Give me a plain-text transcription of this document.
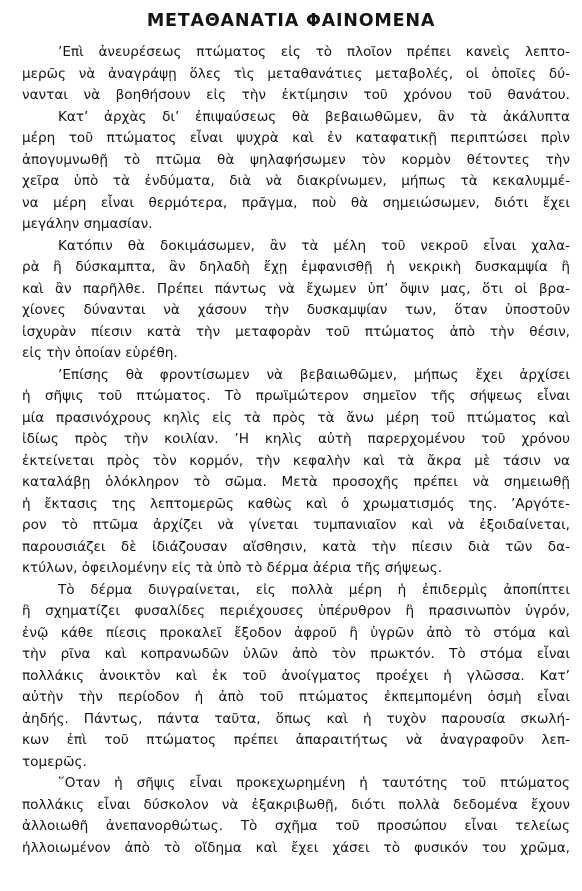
ΜΕΤΑΘΑΝΑΤΙΑ ΦΑΙΝΟΜΕΝΑ
’Επὶ ἀνευρέσεως πτώματος εἰς τὸ πλοῖον πρέπει κανεὶς λεπτο-
μερῶς νὰ ἀναγράψῃ ὅλες τὶς μεταθανάτιες μεταβολές, οἱ ὁποῖες δύ-
νανται νὰ βοηθήσουν εἰς τὴν ἐκτίμησιν τοῦ χρόνου τοῦ θανάτου.
Κατ’ ἀρχὰς δι’ ἐπιψαύσεως θὰ βεβαιωθῶμεν, ἂν τὰ ἀκάλυπτα
μέρη τοῦ πτώματος εἶναι ψυχρὰ καὶ ἐν καταφατικῇ περιπτώσει πρὶν
ἀπογυμνωθῇ τὸ πτῶμα θὰ ψηλαφήσωμεν τὸν κορμὸν θέτοντες τὴν
χεῖρα ὑπὸ τὰ ἐνδύματα, διὰ νὰ διακρίνωμεν, μήπως τὰ κεκαλυμμέ-
να μέρη εἶναι θερμότερα, πρᾶγμα, ποὺ θὰ σημειώσωμεν, διότι ἔχει
μεγάλην σημασίαν.
Κατόπιν θὰ δοκιμάσωμεν, ἂν τὰ μέλη τοῦ νεκροῦ εἶναι χαλα-
ρὰ ἢ δύσκαμπτα, ἂν δηλαδὴ ἔχῃ ἐμφανισθῇ ἡ νεκρικὴ δυσκαμψία ἢ
καὶ ἂν παρῆλθε. Πρέπει πάντως νὰ ἔχωμεν ὑπ’ ὄψιν μας, ὅτι οἱ βρα-
χίονες δύνανται νὰ χάσουν τὴν δυσκαμψίαν των, ὅταν ὑποστοῦν
ἰσχυρὰν πίεσιν κατὰ τὴν μεταφορὰν τοῦ πτώματος ἀπὸ τὴν θέσιν,
εἰς τὴν ὁποίαν εὑρέθη.
’Επίσης θὰ φροντίσωμεν νὰ βεβαιωθῶμεν, μήπως ἔχει ἀρχίσει
ἡ σῆψις τοῦ πτώματος. Τὸ πρωϊμώτερον σημεῖον τῆς σήψεως εἶναι
μία πρασινόχρους κηλὶς εἰς τὰ πρὸς τὰ ἄνω μέρη τοῦ πτώματος καὶ
ἰδίως πρὸς τὴν κοιλίαν. ’Η κηλὶς αὐτὴ παρερχομένου τοῦ χρόνου
ἐκτείνεται πρὸς τὸν κορμόν, τὴν κεφαλὴν καὶ τὰ ἄκρα μὲ τάσιν να
καταλάβῃ ὁλόκληρον τὸ σῶμα. Μετὰ προσοχῆς πρέπει νὰ σημειωθῇ
ἡ ἔκτασις της λεπτομερῶς καθὼς καὶ ὁ χρωματισμός της. ’Αργότε-
ρον τὸ πτῶμα ἀρχίζει νὰ γίνεται τυμπανιαῖον καὶ νὰ ἐξοιδαίνεται,
παρουσιάζει δὲ ἰδιάζουσαν αἴσθησιν, κατὰ τὴν πίεσιν διὰ τῶν δα-
κτύλων, ὀφειλομένην εἰς τὰ ὑπὸ τὸ δέρμα ἀέρια τῆς σήψεως.
Τὸ δέρμα διυγραίνεται, εἰς πολλὰ μέρη ἡ ἐπιδερμὶς ἀποπίπτει
ἢ σχηματίζει φυσαλίδες περιέχουσες ὑπέρυθρον ἢ πρασινωπὸν ὑγρόν,
ἐνῷ κάθε πίεσις προκαλεῖ ἔξοδον ἀφροῦ ἢ ὑγρῶν ἀπὸ τὸ στόμα καὶ
τὴν ρῖνα καὶ κοπρανωδῶν ὑλῶν ἀπὸ τὸν πρωκτόν. Τὸ στόμα εἶναι
πολλάκις ἀνοικτὸν καὶ ἐκ τοῦ ἀνοίγματος προέχει ἡ γλῶσσα. Κατ’
αὐτὴν τὴν περίοδον ἡ ἀπὸ τοῦ πτώματος ἐκπεμπομένη ὀσμὴ εἶναι
ἀηδής. Πάντως, πάντα ταῦτα, ὅπως καὶ ἡ τυχὸν παρουσία σκωλή-
κων ἐπὶ τοῦ πτώματος πρέπει ἀπαραιτήτως νὰ ἀναγραφοῦν λεπ-
τομερῶς.
῞Οταν ἡ σῆψις εἶναι προκεχωρημένη ἡ ταυτότης τοῦ πτώματος
πολλάκις εἶναι δύσκολον νὰ ἐξακριβωθῇ, διότι πολλὰ δεδομένα ἔχουν
ἀλλοιωθῆ ἀνεπανορθώτως. Τὸ σχῆμα τοῦ προσώπου εἶναι τελείως
ἠλλοιωμένον ἀπὸ τὸ οἴδημα καὶ ἔχει χάσει τὸ φυσικόν του χρῶμα,
